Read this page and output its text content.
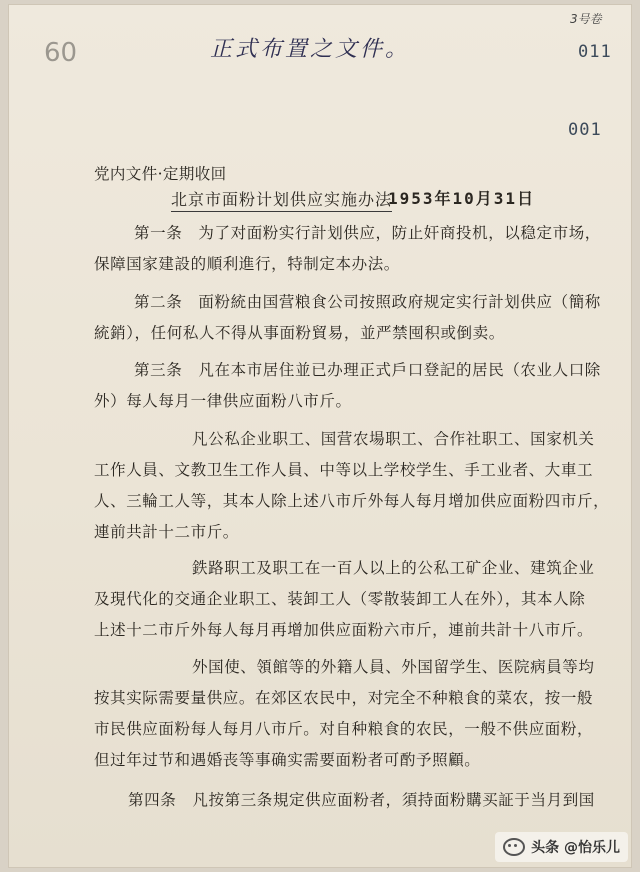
60	正式布置之文件。
3号卷
011
001
党内文件·定期收回
北京市面粉计划供应实施办法
1953年10月31日
第一条　为了对面粉实行計划供应，防止奸商投机，以稳定市场，
保障国家建設的順利進行，特制定本办法。
第二条　面粉統由国营粮食公司按照政府规定实行計划供应（簡称
統銷），任何私人不得从事面粉貿易，並严禁囤积或倒卖。
第三条　凡在本市居住並已办理正式戶口登記的居民（农业人口除
外）每人每月一律供应面粉八市斤。
凡公私企业职工、国营农場职工、合作社职工、国家机关
工作人員、文教卫生工作人員、中等以上学校学生、手工业者、大車工
人、三輪工人等，其本人除上述八市斤外每人每月增加供应面粉四市斤，
連前共計十二市斤。
鉄路职工及职工在一百人以上的公私工矿企业、建筑企业
及現代化的交通企业职工、装卸工人（零散装卸工人在外），其本人除
上述十二市斤外每人每月再增加供应面粉六市斤，連前共計十八市斤。
外国使、領館等的外籍人員、外国留学生、医院病員等均
按其实际需要量供应。在郊区农民中，对完全不种粮食的菜农，按一般
市民供应面粉每人每月八市斤。对自种粮食的农民，一般不供应面粉，
但过年过节和遇婚丧等事确实需要面粉者可酌予照顧。
第四条　凡按第三条規定供应面粉者，須持面粉購买証于当月到国
头条 @怡乐儿
